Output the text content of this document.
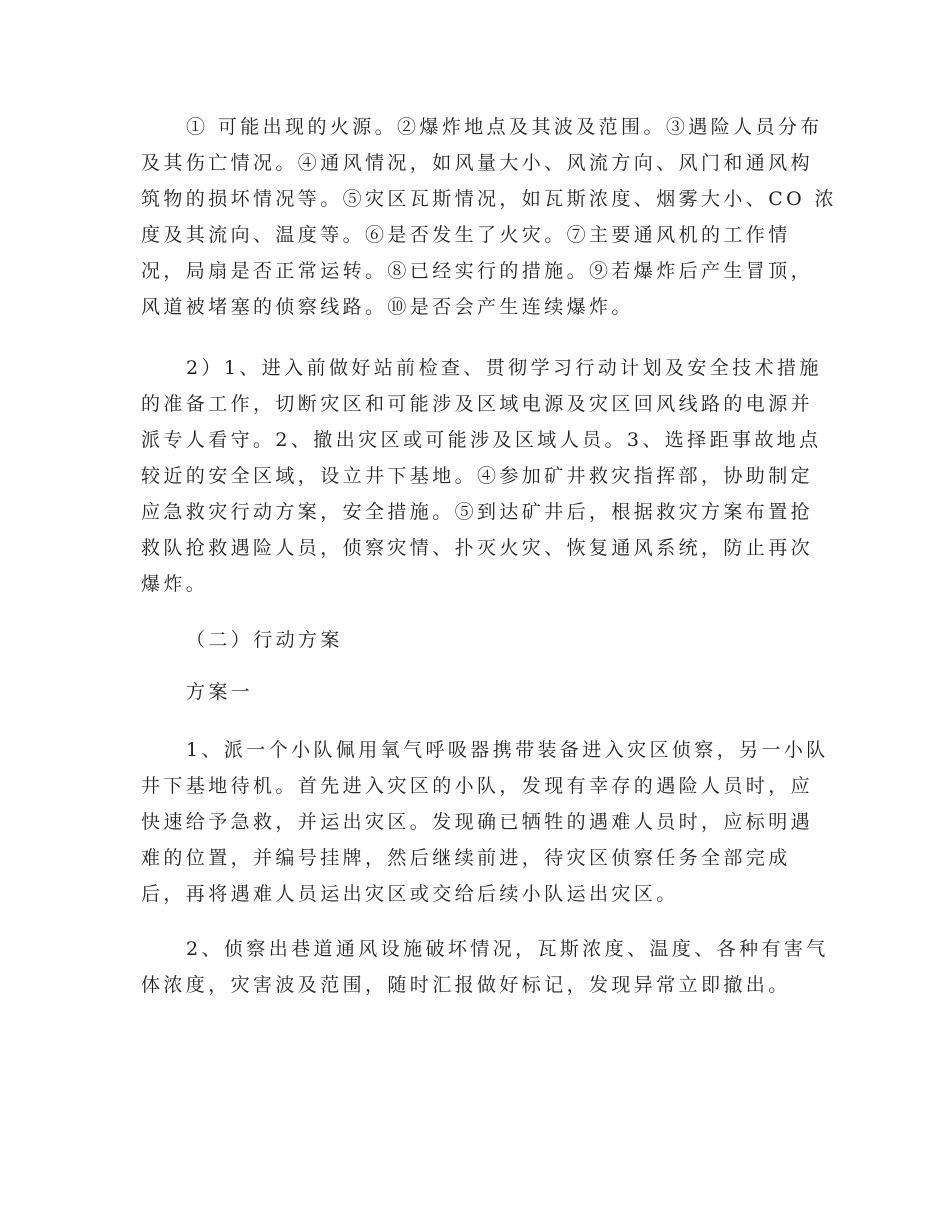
① 可能出现的火源。②爆炸地点及其波及范围。③遇险人员分布
及其伤亡情况。④通风情况，如风量大小、风流方向、风门和通风构
筑物的损坏情况等。⑤灾区瓦斯情况，如瓦斯浓度、烟雾大小、CO 浓
度及其流向、温度等。⑥是否发生了火灾。⑦主要通风机的工作情
况，局扇是否正常运转。⑧已经实行的措施。⑨若爆炸后产生冒顶，
风道被堵塞的侦察线路。⑩是否会产生连续爆炸。
2）1、进入前做好站前检查、贯彻学习行动计划及安全技术措施
的准备工作，切断灾区和可能涉及区域电源及灾区回风线路的电源并
派专人看守。2、撤出灾区或可能涉及区域人员。3、选择距事故地点
较近的安全区域，设立井下基地。④参加矿井救灾指挥部，协助制定
应急救灾行动方案，安全措施。⑤到达矿井后，根据救灾方案布置抢
救队抢救遇险人员，侦察灾情、扑灭火灾、恢复通风系统，防止再次
爆炸。
（二）行动方案
方案一
1、派一个小队佩用氧气呼吸器携带装备进入灾区侦察，另一小队
井下基地待机。首先进入灾区的小队，发现有幸存的遇险人员时，应
快速给予急救，并运出灾区。发现确已牺牲的遇难人员时，应标明遇
难的位置，并编号挂牌，然后继续前进，待灾区侦察任务全部完成
后，再将遇难人员运出灾区或交给后续小队运出灾区。
2、侦察出巷道通风设施破坏情况，瓦斯浓度、温度、各种有害气
体浓度，灾害波及范围，随时汇报做好标记，发现异常立即撤出。
